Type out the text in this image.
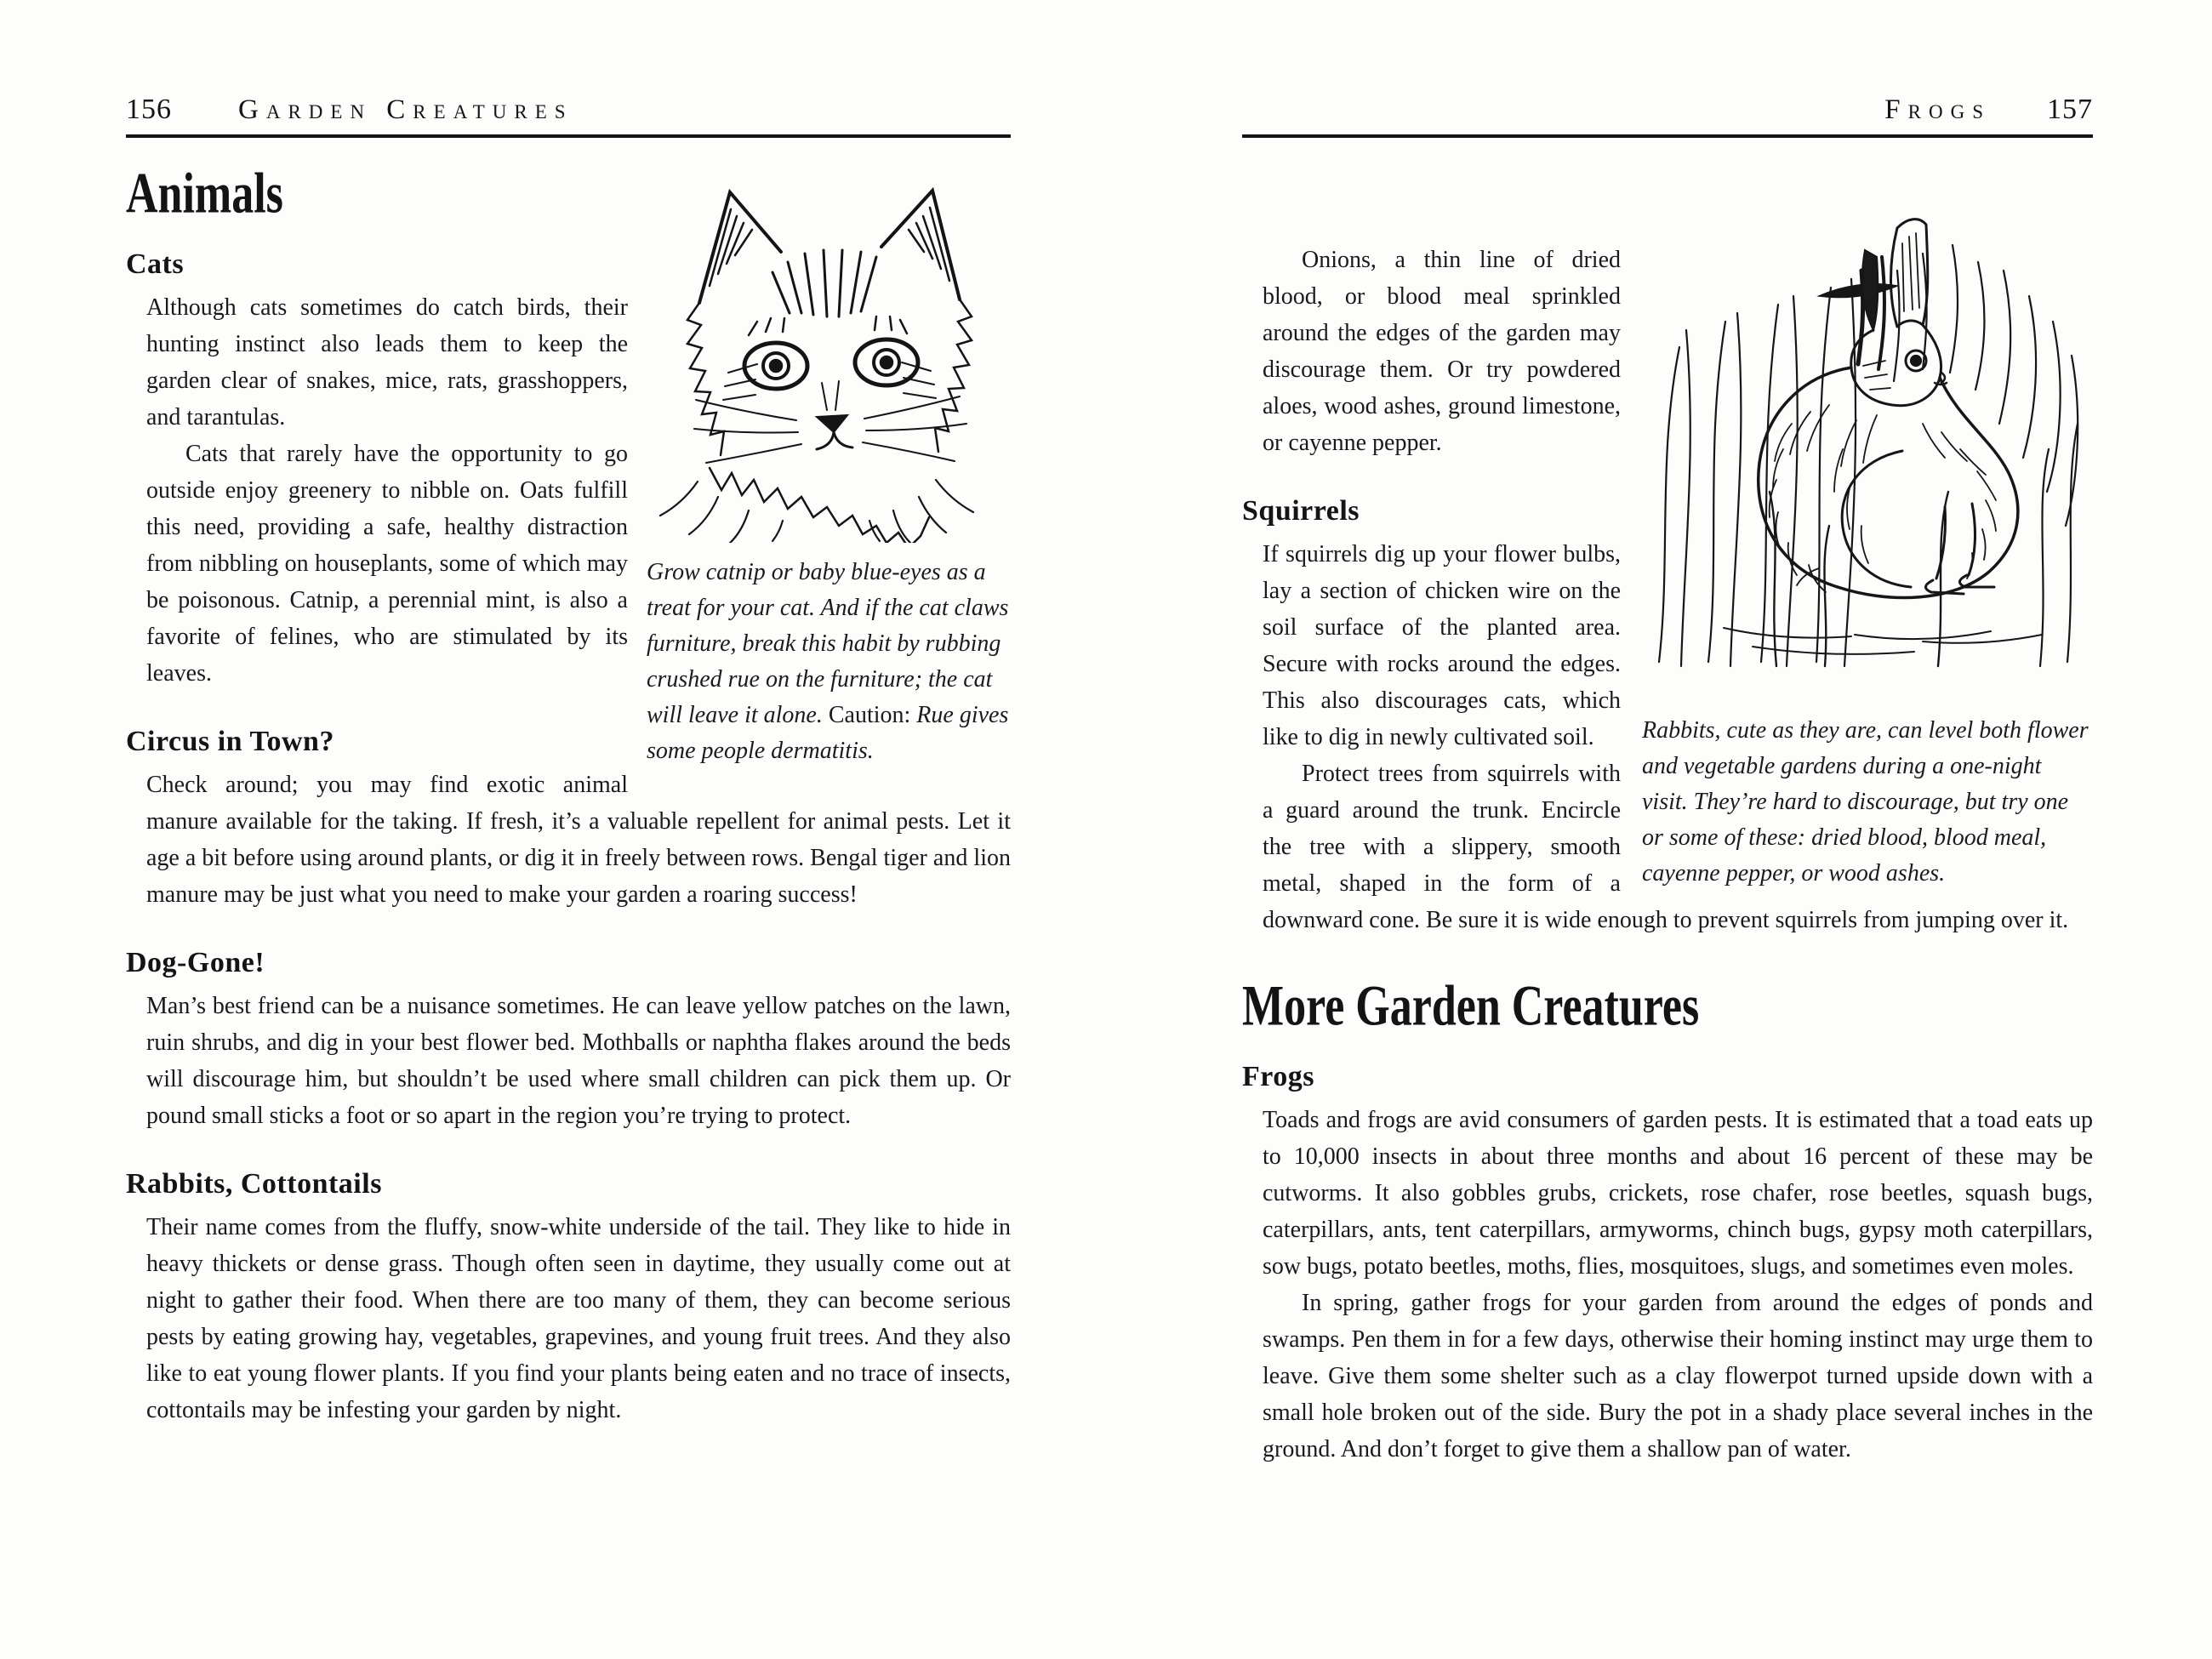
156 Garden Creatures

Grow catnip or baby blue-eyes as a treat for your cat. And if the cat claws furniture, break this habit by rubbing crushed rue on the furniture; the cat will leave it alone. Caution: Rue gives some people dermatitis.

Animals
Cats

Although cats sometimes do catch birds, their hunting instinct also leads them to keep the garden clear of snakes, mice, rats, grasshoppers, and tarantulas.

Cats that rarely have the opportunity to go outside enjoy greenery to nibble on. Oats fulfill this need, providing a safe, healthy distraction from nibbling on houseplants, some of which may be poisonous. Catnip, a perennial mint, is also a favorite of felines, who are stimulated by its leaves.

Circus in Town?

Check around; you may find exotic animal manure available for the taking. If fresh, it’s a valuable repellent for animal pests. Let it age a bit before using around plants, or dig it in freely between rows. Bengal tiger and lion manure may be just what you need to make your garden a roaring success!

Dog-Gone!

Man’s best friend can be a nuisance sometimes. He can leave yellow patches on the lawn, ruin shrubs, and dig in your best flower bed. Mothballs or naphtha flakes around the beds will discourage him, but shouldn’t be used where small children can pick them up. Or pound small sticks a foot or so apart in the region you’re trying to protect.

Rabbits, Cottontails

Their name comes from the fluffy, snow-white underside of the tail. They like to hide in heavy thickets or dense grass. Though often seen in daytime, they usually come out at night to gather their food. When there are too many of them, they can become serious pests by eating growing hay, vegetables, grapevines, and young fruit trees. And they also like to eat young flower plants. If you find your plants being eaten and no trace of insects, cottontails may be infesting your garden by night.

Frogs 157

Rabbits, cute as they are, can level both flower and vegetable gardens during a one-night visit. They’re hard to discourage, but try one or some of these: dried blood, blood meal, cayenne pepper, or wood ashes.

Onions, a thin line of dried blood, or blood meal sprinkled around the edges of the garden may discourage them. Or try powdered aloes, wood ashes, ground limestone, or cayenne pepper.

Squirrels

If squirrels dig up your flower bulbs, lay a section of chicken wire on the soil surface of the planted area. Secure with rocks around the edges. This also discourages cats, which like to dig in newly cultivated soil.

Protect trees from squirrels with a guard around the trunk. Encircle the tree with a slippery, smooth metal, shaped in the form of a downward cone. Be sure it is wide enough to prevent squirrels from jumping over it.

More Garden Creatures
Frogs

Toads and frogs are avid consumers of garden pests. It is estimated that a toad eats up to 10,000 insects in about three months and about 16 percent of these may be cutworms. It also gobbles grubs, crickets, rose chafer, rose beetles, squash bugs, caterpillars, ants, tent caterpillars, armyworms, chinch bugs, gypsy moth caterpillars, sow bugs, potato beetles, moths, flies, mosquitoes, slugs, and sometimes even moles.

In spring, gather frogs for your garden from around the edges of ponds and swamps. Pen them in for a few days, otherwise their homing instinct may urge them to leave. Give them some shelter such as a clay flowerpot turned upside down with a small hole broken out of the side. Bury the pot in a shady place several inches in the ground. And don’t forget to give them a shallow pan of water.
